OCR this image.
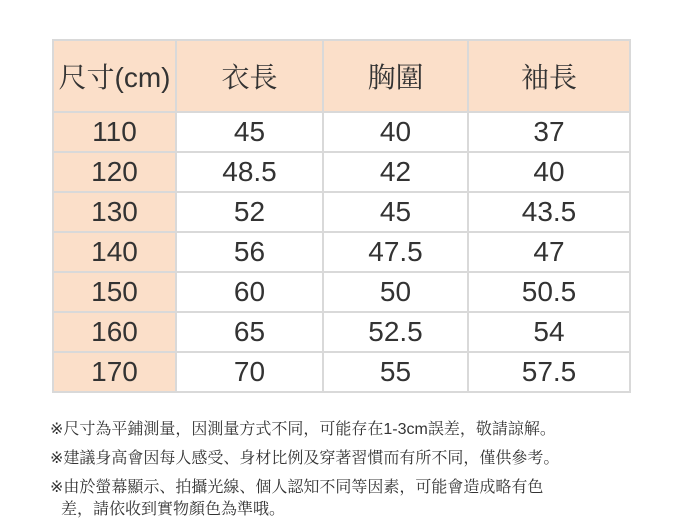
尺寸(cm)	衣長	胸圍	袖長
110	45	40	37
120	48.5	42	40
130	52	45	43.5
140	56	47.5	47
150	60	50	50.5
160	65	52.5	54
170	70	55	57.5

※尺寸為平鋪測量，因測量方式不同，可能存在1-3cm誤差，敬請諒解。

※建議身高會因每人感受、身材比例及穿著習慣而有所不同，僅供參考。

※由於螢幕顯示、拍攝光線、個人認知不同等因素，可能會造成略有色
差，請依收到實物顏色為準哦。
